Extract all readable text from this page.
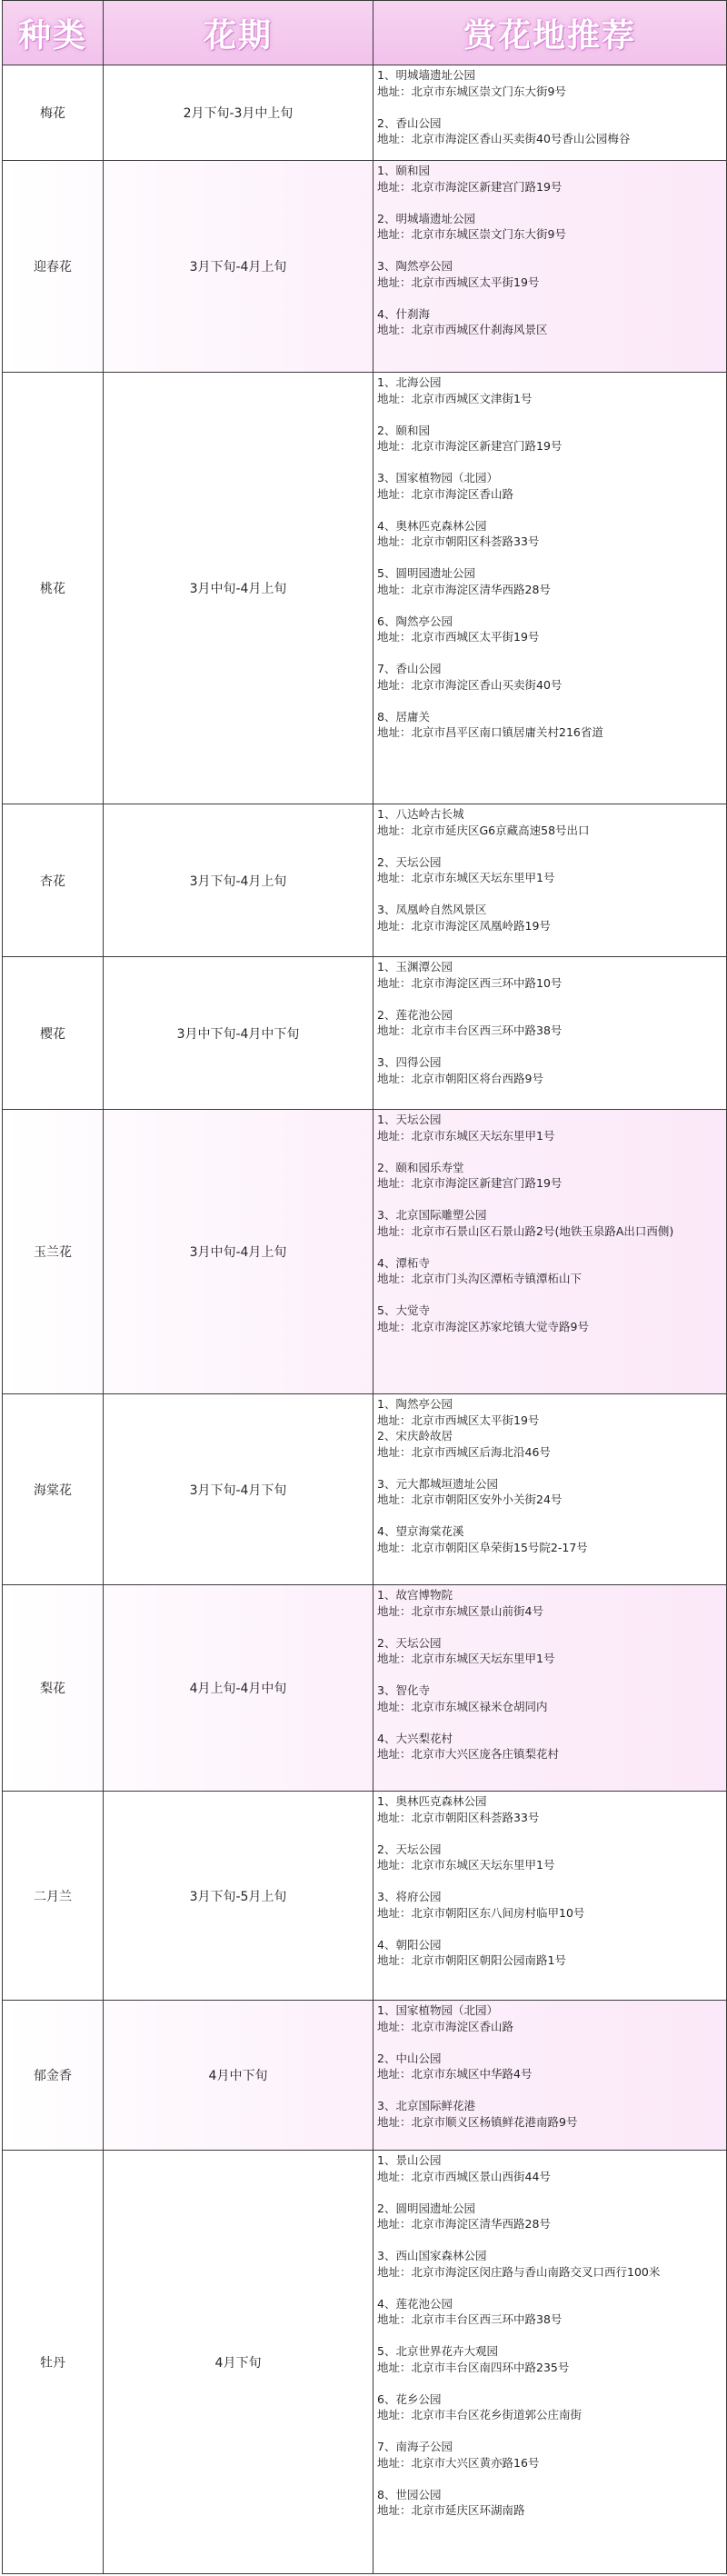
种类	花期	赏花地推荐
梅花	2月下旬-3月中上旬
1、明城墙遗址公园
地址：北京市东城区崇文门东大街9号
2、香山公园
地址：北京市海淀区香山买卖街40号香山公园梅谷
迎春花	3月下旬-4月上旬
1、颐和园
地址：北京市海淀区新建宫门路19号
2、明城墙遗址公园
地址：北京市东城区崇文门东大街9号
3、陶然亭公园
地址：北京市西城区太平街19号
4、什刹海
地址：北京市西城区什刹海风景区
桃花	3月中旬-4月上旬
1、北海公园
地址：北京市西城区文津街1号
2、颐和园
地址：北京市海淀区新建宫门路19号
3、国家植物园（北园）
地址：北京市海淀区香山路
4、奥林匹克森林公园
地址：北京市朝阳区科荟路33号
5、圆明园遗址公园
地址：北京市海淀区清华西路28号
6、陶然亭公园
地址：北京市西城区太平街19号
7、香山公园
地址：北京市海淀区香山买卖街40号
8、居庸关
地址：北京市昌平区南口镇居庸关村216省道
杏花	3月下旬-4月上旬
1、八达岭古长城
地址：北京市延庆区G6京藏高速58号出口
2、天坛公园
地址：北京市东城区天坛东里甲1号
3、凤凰岭自然风景区
地址：北京市海淀区凤凰岭路19号
樱花	3月中下旬-4月中下旬
1、玉渊潭公园
地址：北京市海淀区西三环中路10号
2、莲花池公园
地址：北京市丰台区西三环中路38号
3、四得公园
地址：北京市朝阳区将台西路9号
玉兰花	3月中旬-4月上旬
1、天坛公园
地址：北京市东城区天坛东里甲1号
2、颐和园乐寿堂
地址：北京市海淀区新建宫门路19号
3、北京国际雕塑公园
地址：北京市石景山区石景山路2号(地铁玉泉路A出口西侧)
4、潭柘寺
地址：北京市门头沟区潭柘寺镇潭柘山下
5、大觉寺
地址：北京市海淀区苏家坨镇大觉寺路9号
海棠花	3月下旬-4月下旬
1、陶然亭公园
地址：北京市西城区太平街19号
2、宋庆龄故居
地址：北京市西城区后海北沿46号
3、元大都城垣遗址公园
地址：北京市朝阳区安外小关街24号
4、望京海棠花溪
地址：北京市朝阳区阜荣街15号院2-17号
梨花	4月上旬-4月中旬
1、故宫博物院
地址：北京市东城区景山前街4号
2、天坛公园
地址：北京市东城区天坛东里甲1号
3、智化寺
地址：北京市东城区禄米仓胡同内
4、大兴梨花村
地址：北京市大兴区庞各庄镇梨花村
二月兰	3月下旬-5月上旬
1、奥林匹克森林公园
地址：北京市朝阳区科荟路33号
2、天坛公园
地址：北京市东城区天坛东里甲1号
3、将府公园
地址：北京市朝阳区东八间房村临甲10号
4、朝阳公园
地址：北京市朝阳区朝阳公园南路1号
郁金香	4月中下旬
1、国家植物园（北园）
地址：北京市海淀区香山路
2、中山公园
地址：北京市东城区中华路4号
3、北京国际鲜花港
地址：北京市顺义区杨镇鲜花港南路9号
牡丹	4月下旬
1、景山公园
地址：北京市西城区景山西街44号
2、圆明园遗址公园
地址：北京市海淀区清华西路28号
3、西山国家森林公园
地址：北京市海淀区闵庄路与香山南路交叉口西行100米
4、莲花池公园
地址：北京市丰台区西三环中路38号
5、北京世界花卉大观园
地址：北京市丰台区南四环中路235号
6、花乡公园
地址：北京市丰台区花乡街道郭公庄南街
7、南海子公园
地址：北京市大兴区黄亦路16号
8、世园公园
地址：北京市延庆区环湖南路
